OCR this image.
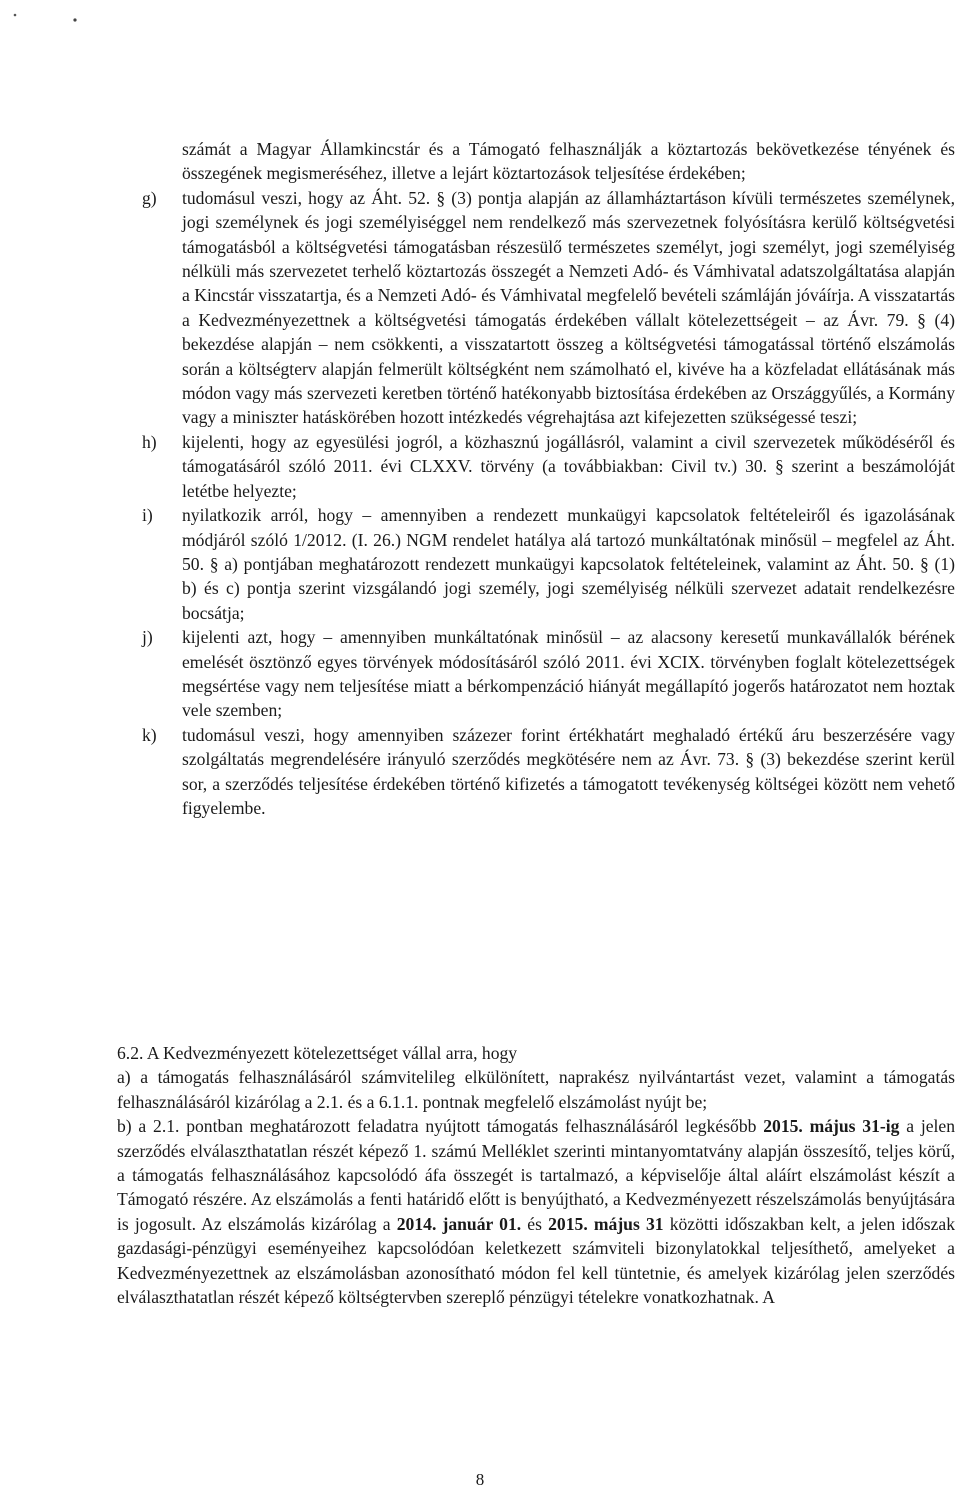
számát a Magyar Államkincstár és a Támogató felhasználják a köztartozás bekövetkezése tényének és összegének megismeréséhez, illetve a lejárt köztartozások teljesítése érdekében;

g) tudomásul veszi, hogy az Áht. 52. § (3) pontja alapján az államháztartáson kívüli természetes személynek, jogi személynek és jogi személyiséggel nem rendelkező más szervezetnek folyósításra kerülő költségvetési támogatásból a költségvetési támogatásban részesülő természetes személyt, jogi személyt, jogi személyiség nélküli más szervezetet terhelő köztartozás összegét a Nemzeti Adó- és Vámhivatal adatszolgáltatása alapján a Kincstár visszatartja, és a Nemzeti Adó- és Vámhivatal megfelelő bevételi számláján jóváírja. A visszatartás a Kedvezményezettnek a költségvetési támogatás érdekében vállalt kötelezettségeit – az Ávr. 79. § (4) bekezdése alapján – nem csökkenti, a visszatartott összeg a költségvetési támogatással történő elszámolás során a költségterv alapján felmerült költségként nem számolható el, kivéve ha a közfeladat ellátásának más módon vagy más szervezeti keretben történő hatékonyabb biztosítása érdekében az Országgyűlés, a Kormány vagy a miniszter hatáskörében hozott intézkedés végrehajtása azt kifejezetten szükségessé teszi;

h) kijelenti, hogy az egyesülési jogról, a közhasznú jogállásról, valamint a civil szervezetek működéséről és támogatásáról szóló 2011. évi CLXXV. törvény (a továbbiakban: Civil tv.) 30. § szerint a beszámolóját letétbe helyezte;

i) nyilatkozik arról, hogy – amennyiben a rendezett munkaügyi kapcsolatok feltételeiről és igazolásának módjáról szóló 1/2012. (I. 26.) NGM rendelet hatálya alá tartozó munkáltatónak minősül – megfelel az Áht. 50. § a) pontjában meghatározott rendezett munkaügyi kapcsolatok feltételeinek, valamint az Áht. 50. § (1) b) és c) pontja szerint vizsgálandó jogi személy, jogi személyiség nélküli szervezet adatait rendelkezésre bocsátja;

j) kijelenti azt, hogy – amennyiben munkáltatónak minősül – az alacsony keresetű munkavállalók bérének emelését ösztönző egyes törvények módosításáról szóló 2011. évi XCIX. törvényben foglalt kötelezettségek megsértése vagy nem teljesítése miatt a bérkompenzáció hiányát megállapító jogerős határozatot nem hoztak vele szemben;

k) tudomásul veszi, hogy amennyiben százezer forint értékhatárt meghaladó értékű áru beszerzésére vagy szolgáltatás megrendelésére irányuló szerződés megkötésére nem az Ávr. 73. § (3) bekezdése szerint kerül sor, a szerződés teljesítése érdekében történő kifizetés a támogatott tevékenység költségei között nem vehető figyelembe.

6.2. A Kedvezményezett kötelezettséget vállal arra, hogy

a) a támogatás felhasználásáról számvitelileg elkülönített, naprakész nyilvántartást vezet, valamint a támogatás felhasználásáról kizárólag a 2.1. és a 6.1.1. pontnak megfelelő elszámolást nyújt be;

b) a 2.1. pontban meghatározott feladatra nyújtott támogatás felhasználásáról legkésőbb 2015. május 31-ig a jelen szerződés elválaszthatatlan részét képező 1. számú Melléklet szerinti mintanyomtatvány alapján összesítő, teljes körű, a támogatás felhasználásához kapcsolódó áfa összegét is tartalmazó, a képviselője által aláírt elszámolást készít a Támogató részére. Az elszámolás a fenti határidő előtt is benyújtható, a Kedvezményezett részelszámolás benyújtására is jogosult. Az elszámolás kizárólag a 2014. január 01. és 2015. május 31 közötti időszakban kelt, a jelen időszak gazdasági-pénzügyi eseményeihez kapcsolódóan keletkezett számviteli bizonylatokkal teljesíthető, amelyeket a Kedvezményezettnek az elszámolásban azonosítható módon fel kell tüntetnie, és amelyek kizárólag jelen szerződés elválaszthatatlan részét képező költségtervben szereplő pénzügyi tételekre vonatkozhatnak. A

8
